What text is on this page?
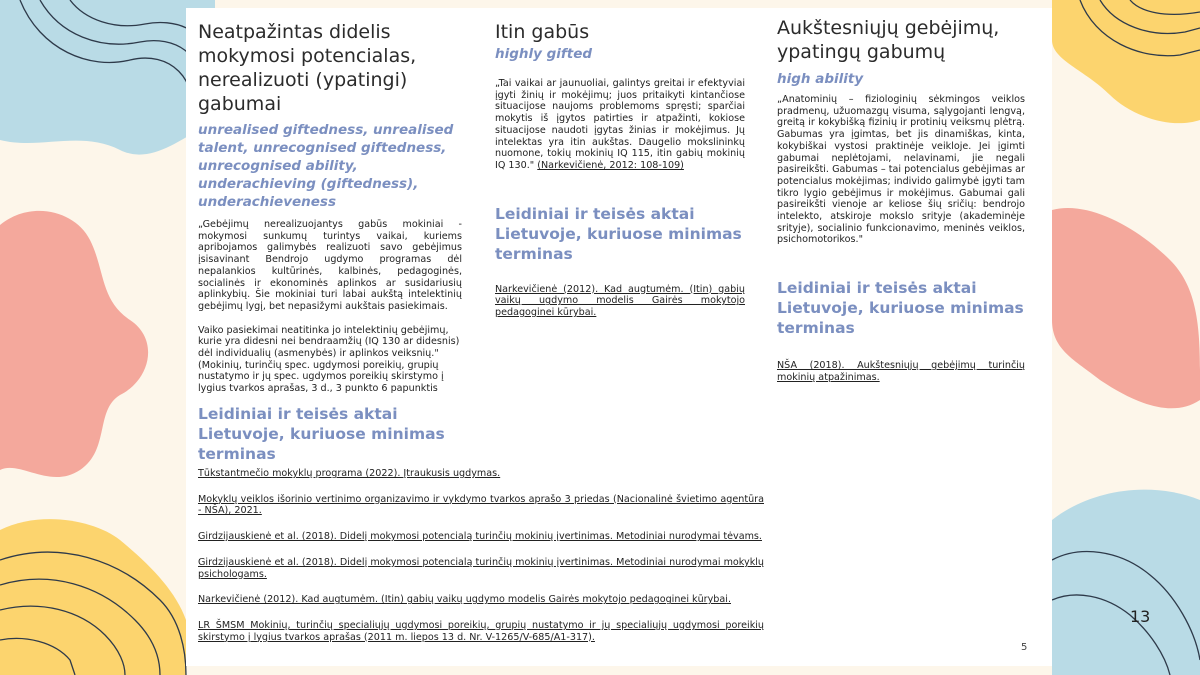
Neatpažintas didelis mokymosi potencialas, nerealizuoti (ypatingi) gabumai

unrealised giftedness, unrealised talent, unrecognised giftedness, unrecognised ability, underachieving (giftedness), underachieveness

„Gebėjimų nerealizuojantys gabūs mokiniai - mokymosi sunkumų turintys vaikai, kuriems apribojamos galimybės realizuoti savo gebėjimus įsisavinant Bendrojo ugdymo programas dėl nepalankios kultūrinės, kalbinės, pedagoginės, socialinės ir ekonominės aplinkos ar susidariusių aplinkybių. Šie mokiniai turi labai aukštą intelektinių gebėjimų lygį, bet nepasižymi aukštais pasiekimais.

Vaiko pasiekimai neatitinka jo intelektinių gebėjimų, kurie yra didesni nei bendraamžių (IQ 130 ar didesnis) dėl individualių (asmenybės) ir aplinkos veiksnių." (Mokinių, turinčių spec. ugdymosi poreikių, grupių nustatymo ir jų spec. ugdymos poreikių skirstymo į lygius tvarkos aprašas, 3 d., 3 punkto 6 papunktis

Leidiniai ir teisės aktai Lietuvoje, kuriuose minimas terminas
Itin gabūs

highly gifted

„Tai vaikai ar jaunuoliai, galintys greitai ir efektyviai įgyti žinių ir mokėjimų; juos pritaikyti kintančiose situacijose naujoms problemoms spręsti; sparčiai mokytis iš įgytos patirties ir atpažinti, kokiose situacijose naudoti įgytas žinias ir mokėjimus. Jų intelektas yra itin aukštas. Daugelio mokslininkų nuomone, tokių mokinių IQ 115, itin gabių mokinių IQ 130." (Narkevičienė, 2012: 108-109)

Leidiniai ir teisės aktai Lietuvoje, kuriuose minimas terminas

Narkevičienė (2012). Kad augtumėm. (Itin) gabių vaikų ugdymo modelis Gairės mokytojo pedagoginei kūrybai.

Aukštesniųjų gebėjimų, ypatingų gabumų

high ability

„Anatominių – fiziologinių sėkmingos veiklos pradmenų, užuomazgų visuma, sąlygojanti lengvą, greitą ir kokybišką fizinių ir protinių veiksmų plėtrą. Gabumas yra įgimtas, bet jis dinamiškas, kinta, kokybiškai vystosi praktinėje veikloje. Jei įgimti gabumai neplėtojami, nelavinami, jie negali pasireikšti. Gabumas – tai potencialus gebėjimas ar potencialus mokėjimas; individo galimybė įgyti tam tikro lygio gebėjimus ir mokėjimus. Gabumai gali pasireikšti vienoje ar keliose šių sričių: bendrojo intelekto, atskiroje mokslo srityje (akademinėje srityje), socialinio funkcionavimo, meninės veiklos, psichomotorikos."

Leidiniai ir teisės aktai Lietuvoje, kuriuose minimas terminas

NŠA (2018). Aukštesniųjų gebėjimų turinčių mokinių atpažinimas.

Tūkstantmečio mokyklų programa (2022). Įtraukusis ugdymas.

Mokyklų veiklos išorinio vertinimo organizavimo ir vykdymo tvarkos aprašo 3 priedas (Nacionalinė švietimo agentūra - NŠA), 2021.

Girdzijauskienė et al. (2018). Didelį mokymosi potencialą turinčių mokinių įvertinimas. Metodiniai nurodymai tėvams.

Girdzijauskienė et al. (2018). Didelį mokymosi potencialą turinčių mokinių įvertinimas. Metodiniai nurodymai mokyklų psichologams.

Narkevičienė (2012). Kad augtumėm. (Itin) gabių vaikų ugdymo modelis Gairės mokytojo pedagoginei kūrybai.

LR ŠMSM Mokinių, turinčių specialiųjų ugdymosi poreikių, grupių nustatymo ir jų specialiųjų ugdymosi poreikių skirstymo į lygius tvarkos aprašas (2011 m. liepos 13 d. Nr. V-1265/V-685/A1-317).

5
13
